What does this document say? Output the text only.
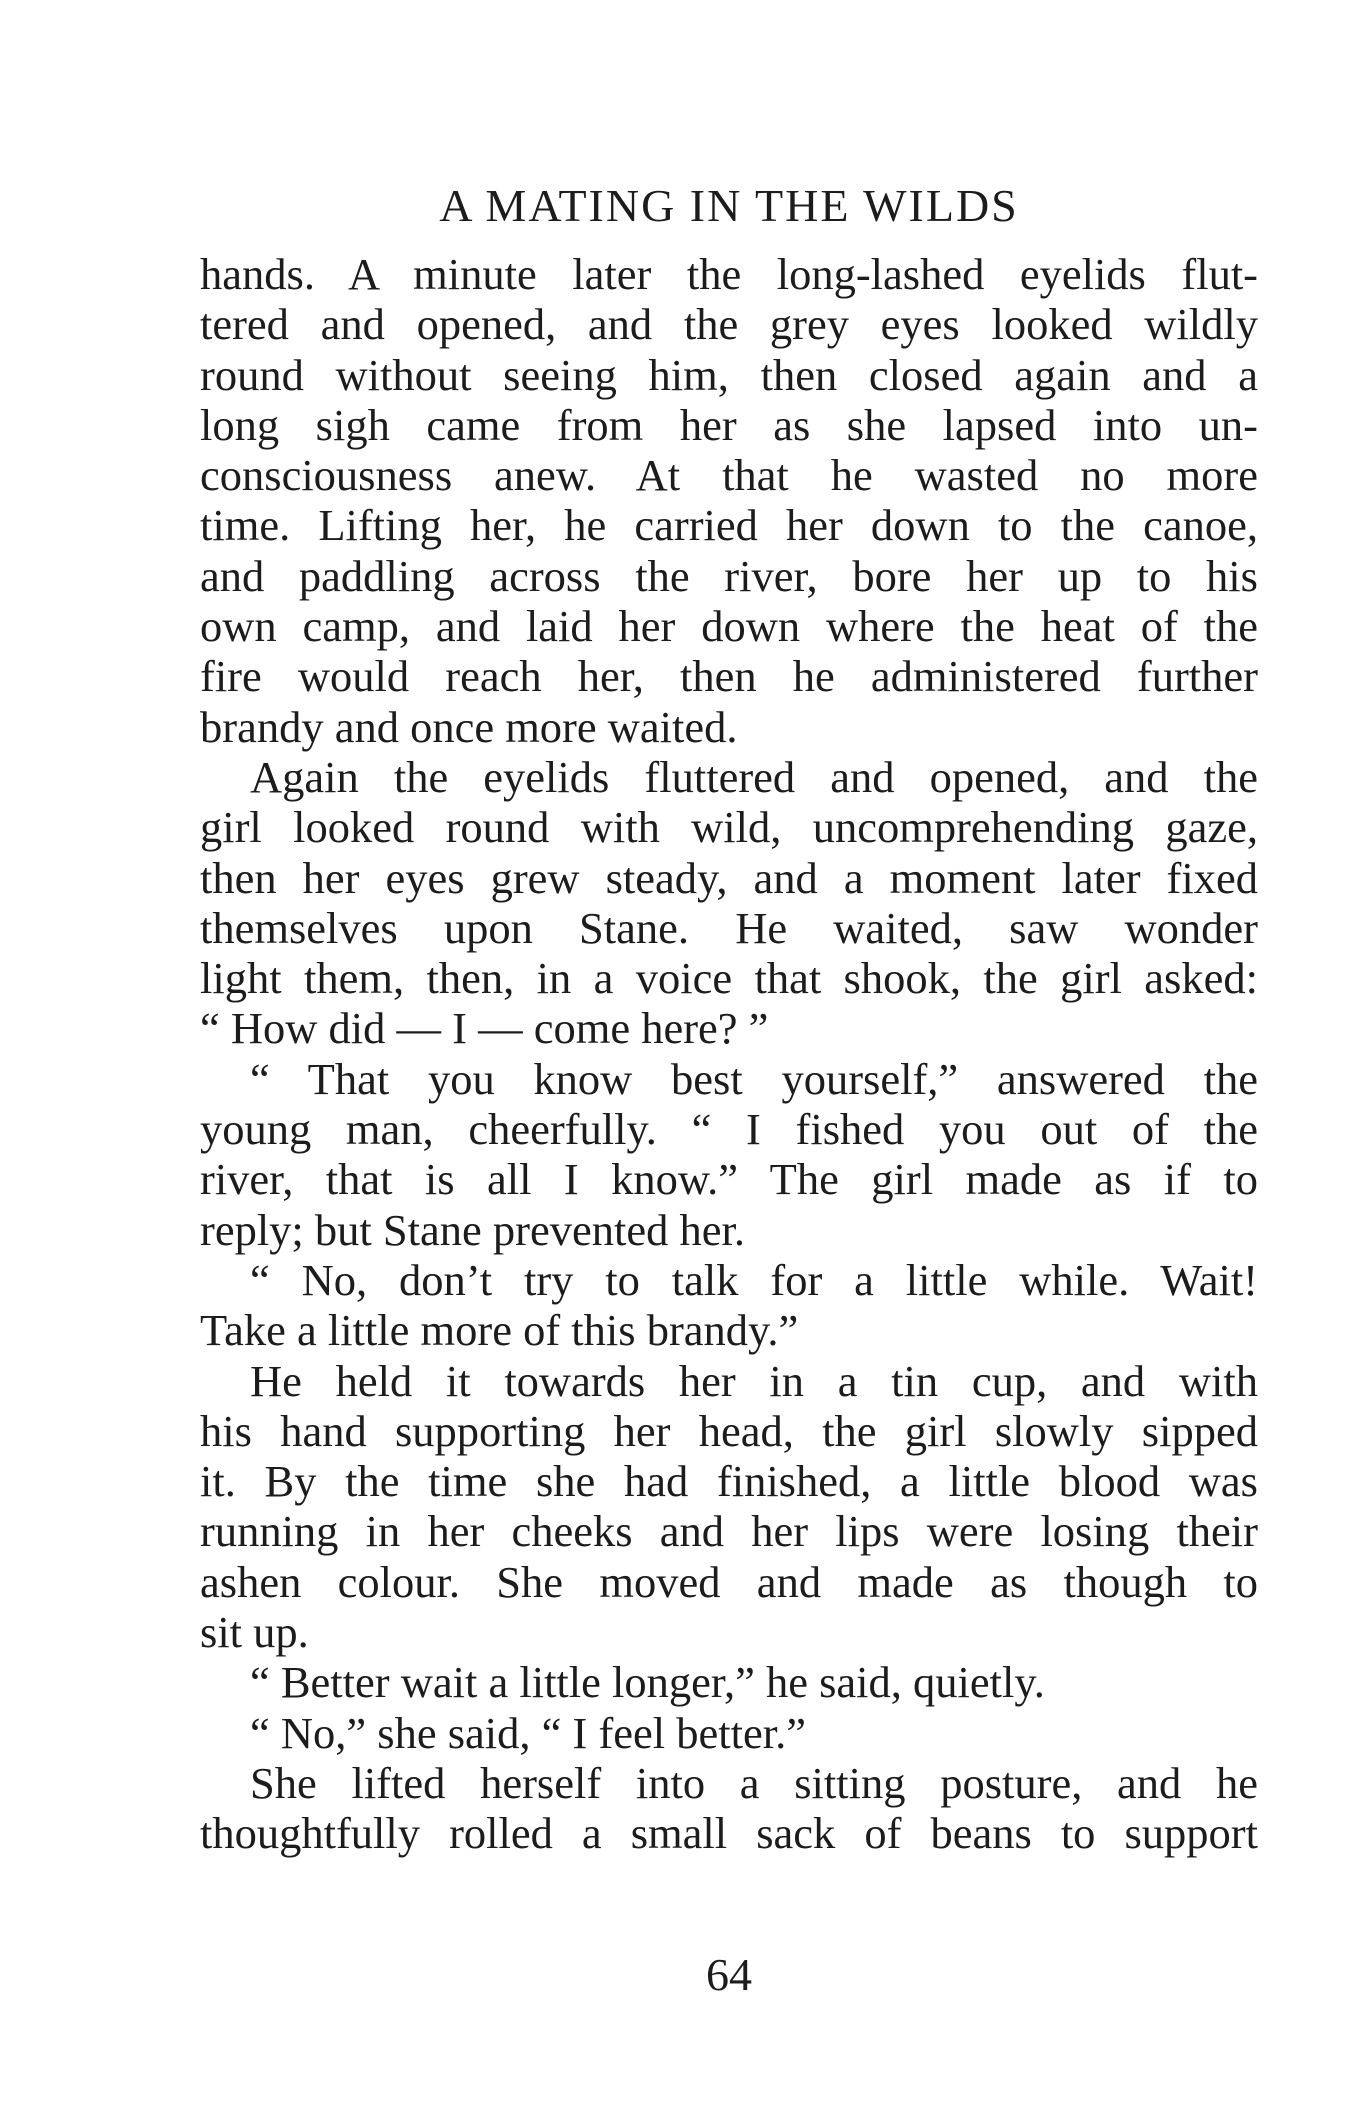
A MATING IN THE WILDS
hands. A minute later the long-lashed eyelids flut-
tered and opened, and the grey eyes looked wildly
round without seeing him, then closed again and a
long sigh came from her as she lapsed into un-
consciousness anew. At that he wasted no more
time. Lifting her, he carried her down to the canoe,
and paddling across the river, bore her up to his
own camp, and laid her down where the heat of the
fire would reach her, then he administered further
brandy and once more waited.
Again the eyelids fluttered and opened, and the
girl looked round with wild, uncomprehending gaze,
then her eyes grew steady, and a moment later fixed
themselves upon Stane. He waited, saw wonder
light them, then, in a voice that shook, the girl asked:
“ How did — I — come here? ”
“ That you know best yourself,” answered the
young man, cheerfully. “ I fished you out of the
river, that is all I know.” The girl made as if to
reply; but Stane prevented her.
“ No, don’t try to talk for a little while. Wait!
Take a little more of this brandy.”
He held it towards her in a tin cup, and with
his hand supporting her head, the girl slowly sipped
it. By the time she had finished, a little blood was
running in her cheeks and her lips were losing their
ashen colour. She moved and made as though to
sit up.
“ Better wait a little longer,” he said, quietly.
“ No,” she said, “ I feel better.”
She lifted herself into a sitting posture, and he
thoughtfully rolled a small sack of beans to support
64
